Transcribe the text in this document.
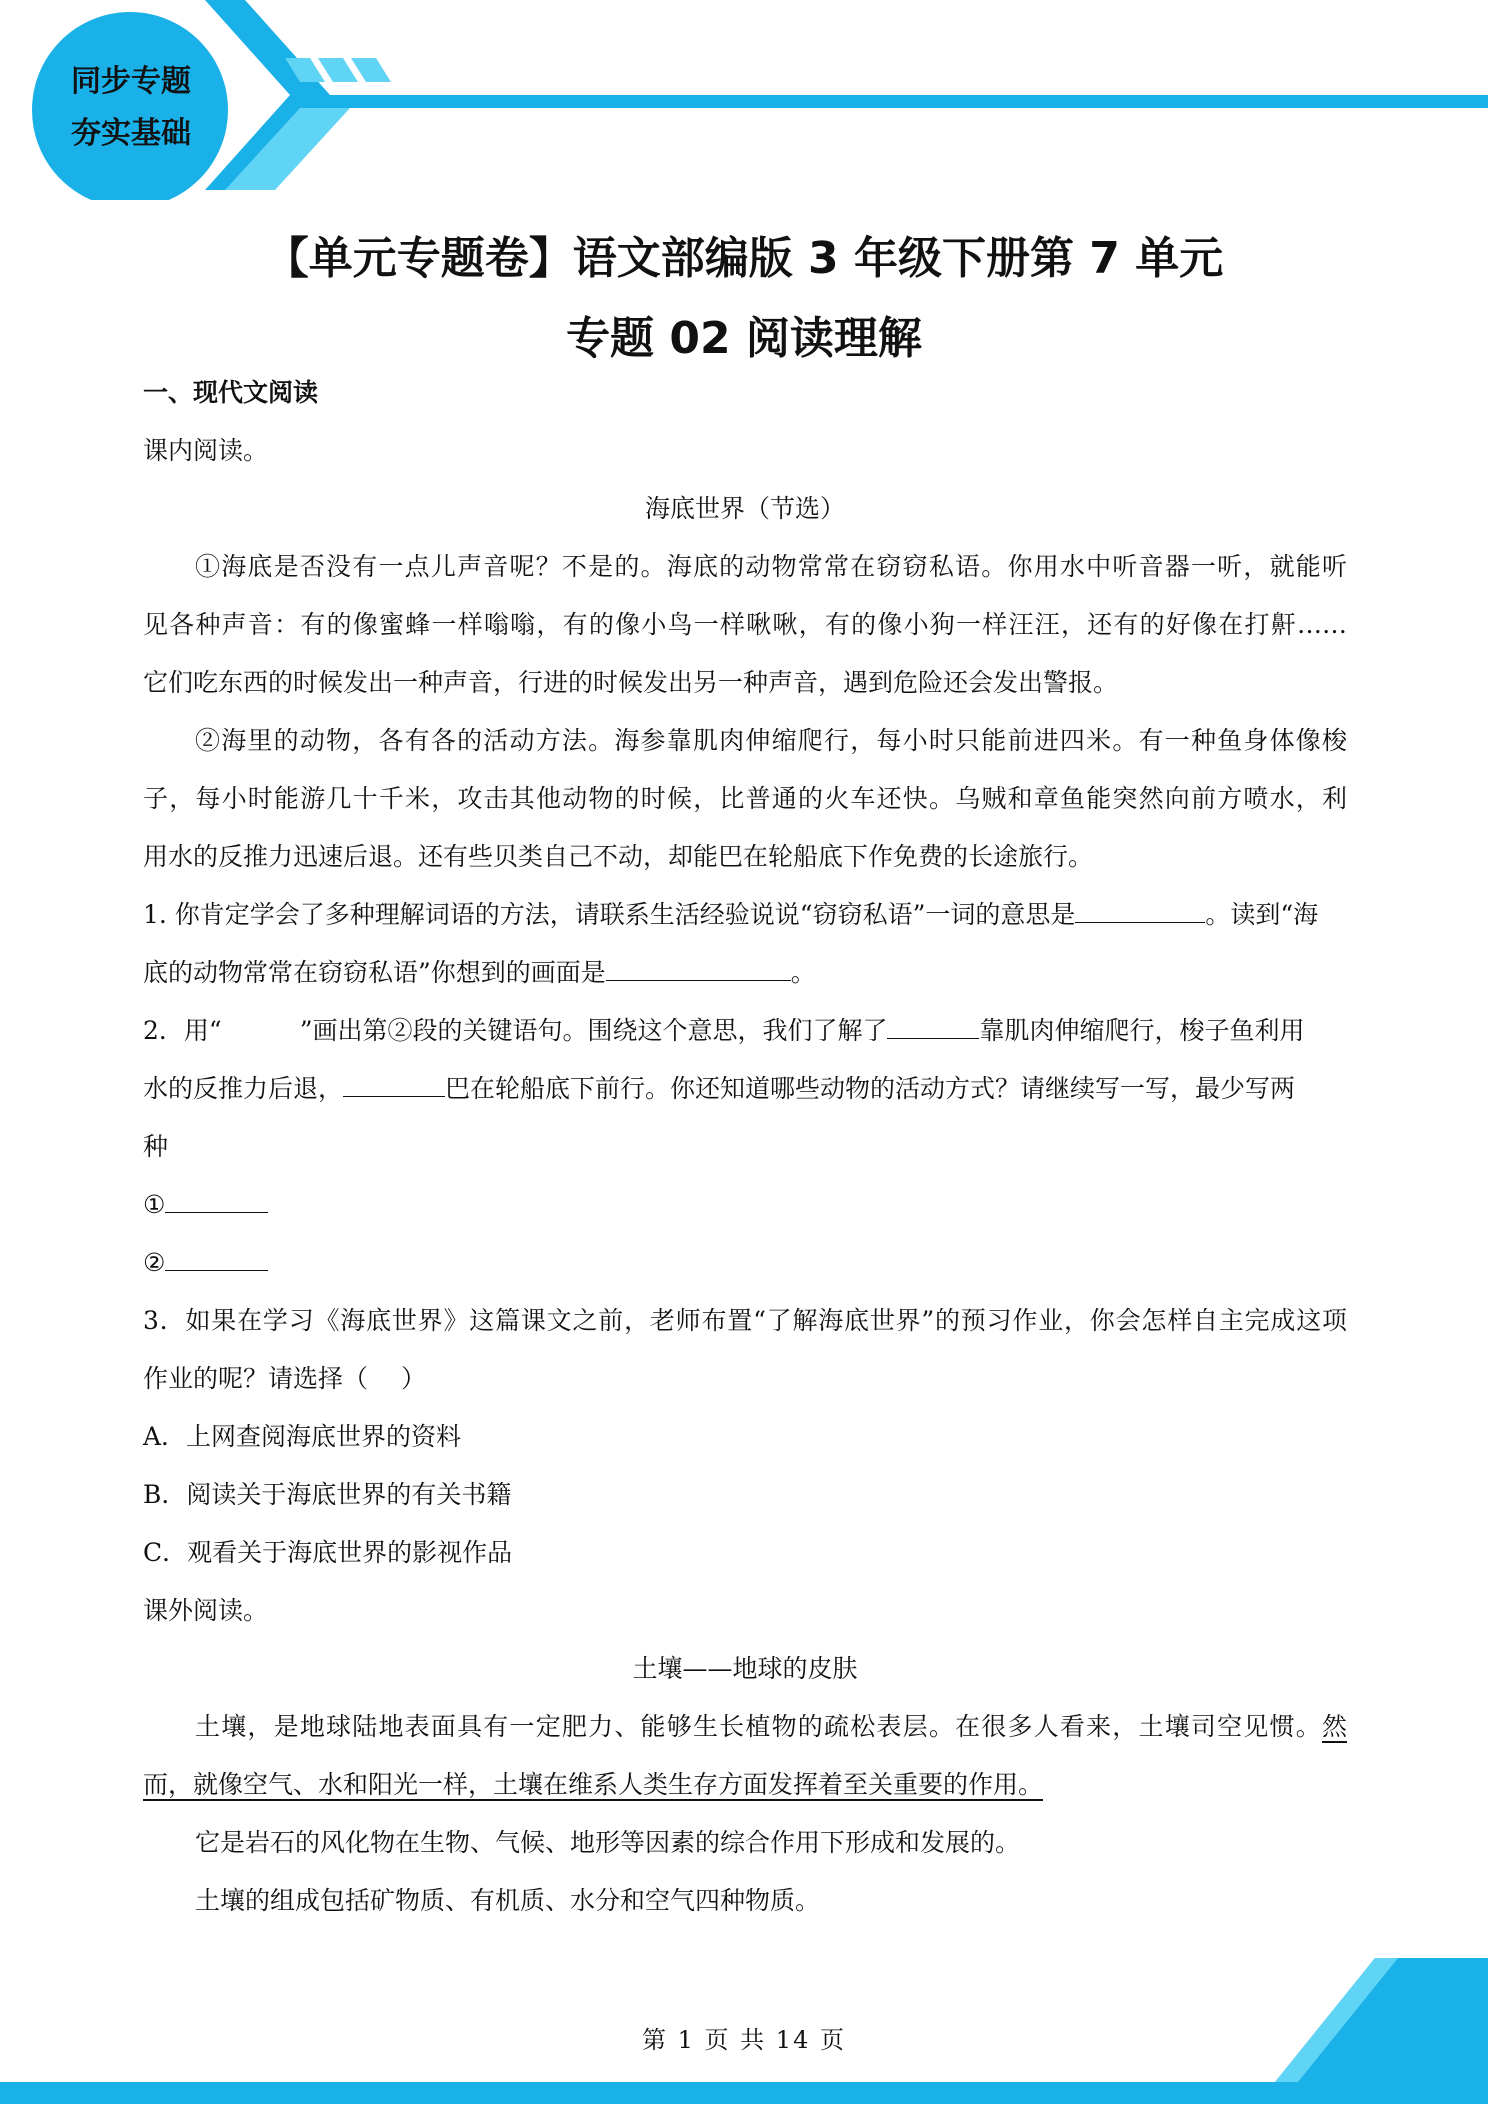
同步专题
夯实基础
【单元专题卷】语文部编版 3 年级下册第 7 单元
专题 02 阅读理解
一、现代文阅读
课内阅读。
海底世界（节选）
①海底是否没有一点儿声音呢？不是的。海底的动物常常在窃窃私语。你用水中听音器一听，就能听
见各种声音：有的像蜜蜂一样嗡嗡，有的像小鸟一样啾啾，有的像小狗一样汪汪，还有的好像在打鼾……
它们吃东西的时候发出一种声音，行进的时候发出另一种声音，遇到危险还会发出警报。
②海里的动物，各有各的活动方法。海参靠肌肉伸缩爬行，每小时只能前进四米。有一种鱼身体像梭
子，每小时能游几十千米，攻击其他动物的时候，比普通的火车还快。乌贼和章鱼能突然向前方喷水，利
用水的反推力迅速后退。还有些贝类自己不动，却能巴在轮船底下作免费的长途旅行。
1. 你肯定学会了多种理解词语的方法，请联系生活经验说说“窃窃私语”一词的意思是	。读到“海
底的动物常常在窃窃私语”你想到的画面是	。
2．用“	”画出第②段的关键语句。围绕这个意思，我们了解了	靠肌肉伸缩爬行，梭子鱼利用
水的反推力后退，	巴在轮船底下前行。你还知道哪些动物的活动方式？请继续写一写，最少写两
种
①
②
3．如果在学习《海底世界》这篇课文之前，老师布置“了解海底世界”的预习作业，你会怎样自主完成这项
作业的呢？请选择（　 ）
A．上网查阅海底世界的资料
B．阅读关于海底世界的有关书籍
C．观看关于海底世界的影视作品
课外阅读。
土壤——地球的皮肤
土壤，是地球陆地表面具有一定肥力、能够生长植物的疏松表层。在很多人看来，土壤司空见惯。然
而，就像空气、水和阳光一样，土壤在维系人类生存方面发挥着至关重要的作用。
它是岩石的风化物在生物、气候、地形等因素的综合作用下形成和发展的。
土壤的组成包括矿物质、有机质、水分和空气四种物质。
第 1 页 共 14 页
